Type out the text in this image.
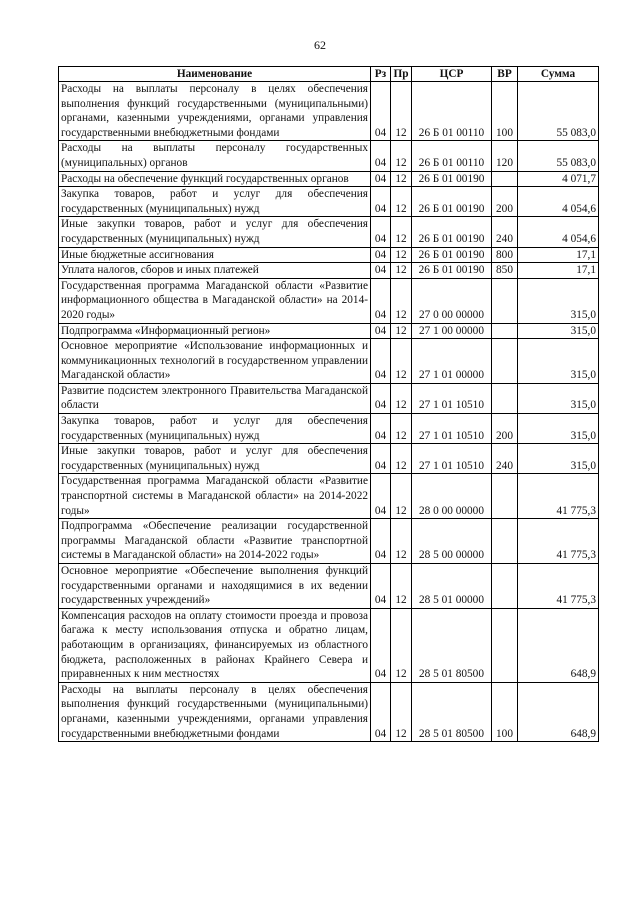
62
Наименование	Рз	Пр	ЦСР	ВР	Сумма
Расходы на выплаты персоналу в целях обеспечения выполнения функций государственными (муниципальными) органами, казенными учреждениями, органами управления государственными внебюджетными фондами	04	12	26 Б 01 00110	100	55 083,0
Расходы на выплаты персоналу государственных (муниципальных) органов	04	12	26 Б 01 00110	120	55 083,0
Расходы на обеспечение функций государственных органов	04	12	26 Б 01 00190		4 071,7
Закупка товаров, работ и услуг для обеспечения государственных (муниципальных) нужд	04	12	26 Б 01 00190	200	4 054,6
Иные закупки товаров, работ и услуг для обеспечения государственных (муниципальных) нужд	04	12	26 Б 01 00190	240	4 054,6
Иные бюджетные ассигнования	04	12	26 Б 01 00190	800	17,1
Уплата налогов, сборов и иных платежей	04	12	26 Б 01 00190	850	17,1
Государственная программа Магаданской области «Развитие информационного общества в Магаданской области» на 2014-2020 годы»	04	12	27 0 00 00000		315,0
Подпрограмма «Информационный регион»	04	12	27 1 00 00000		315,0
Основное мероприятие «Использование информационных и коммуникационных технологий в государственном управлении Магаданской области»	04	12	27 1 01 00000		315,0
Развитие подсистем электронного Правительства Магаданской области	04	12	27 1 01 10510		315,0
Закупка товаров, работ и услуг для обеспечения государственных (муниципальных) нужд	04	12	27 1 01 10510	200	315,0
Иные закупки товаров, работ и услуг для обеспечения государственных (муниципальных) нужд	04	12	27 1 01 10510	240	315,0
Государственная программа Магаданской области «Развитие транспортной системы в Магаданской области» на 2014-2022 годы»	04	12	28 0 00 00000		41 775,3
Подпрограмма «Обеспечение реализации государственной программы Магаданской области «Развитие транспортной системы в Магаданской области» на 2014-2022 годы»	04	12	28 5 00 00000		41 775,3
Основное мероприятие «Обеспечение выполнения функций государственными органами и находящимися в их ведении государственных учреждений»	04	12	28 5 01 00000		41 775,3
Компенсация расходов на оплату стоимости проезда и провоза багажа к месту использования отпуска и обратно лицам, работающим в организациях, финансируемых из областного бюджета, расположенных в районах Крайнего Севера и приравненных к ним местностях	04	12	28 5 01 80500		648,9
Расходы на выплаты персоналу в целях обеспечения выполнения функций государственными (муниципальными) органами, казенными учреждениями, органами управления государственными внебюджетными фондами	04	12	28 5 01 80500	100	648,9
